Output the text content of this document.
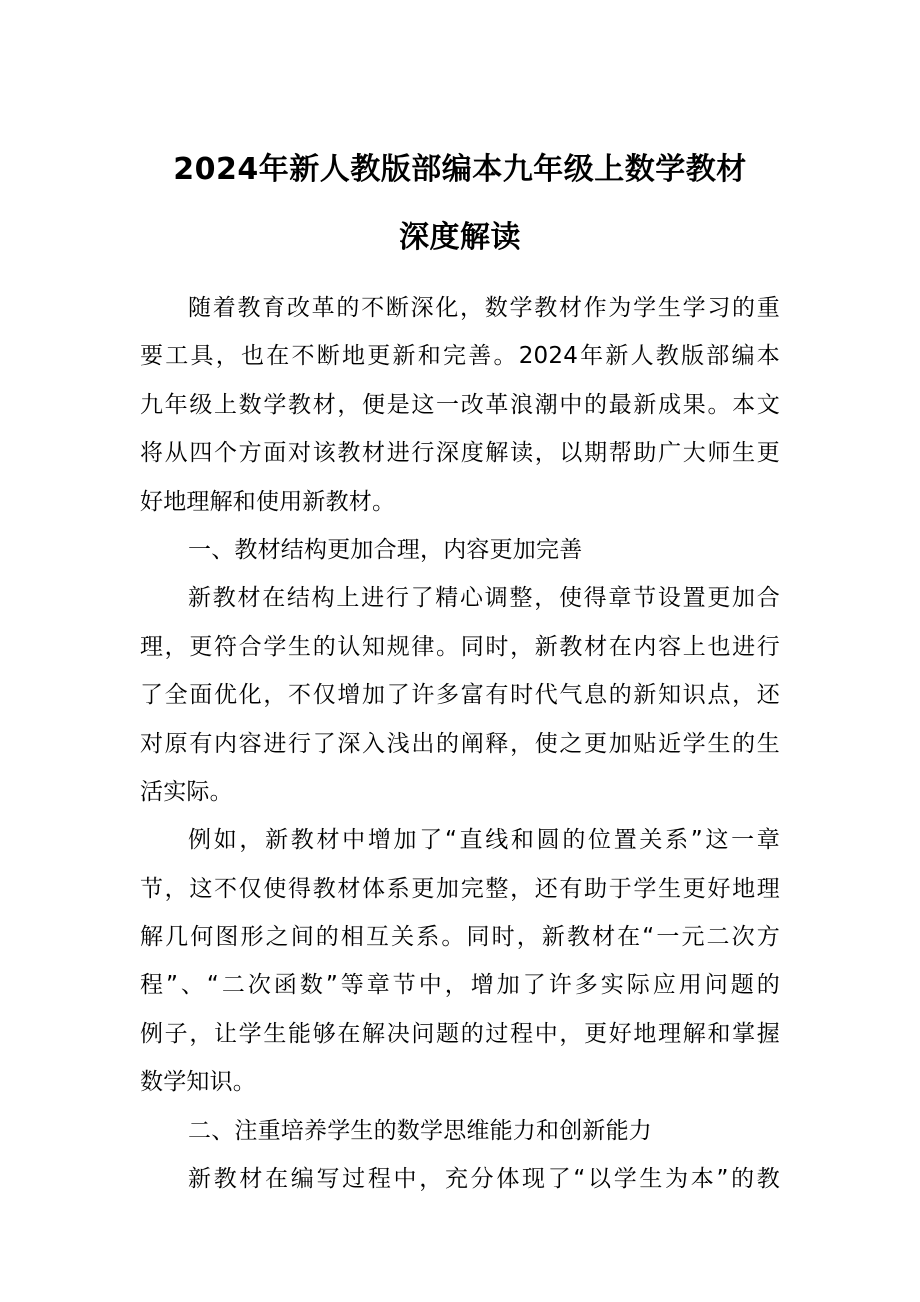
2024年新人教版部编本九年级上数学教材
深度解读
随着教育改革的不断深化，数学教材作为学生学习的重
要工具，也在不断地更新和完善。2024年新人教版部编本
九年级上数学教材，便是这一改革浪潮中的最新成果。本文
将从四个方面对该教材进行深度解读，以期帮助广大师生更
好地理解和使用新教材。
一、教材结构更加合理，内容更加完善
新教材在结构上进行了精心调整，使得章节设置更加合
理，更符合学生的认知规律。同时，新教材在内容上也进行
了全面优化，不仅增加了许多富有时代气息的新知识点，还
对原有内容进行了深入浅出的阐释，使之更加贴近学生的生
活实际。
例如，新教材中增加了“直线和圆的位置关系”这一章
节，这不仅使得教材体系更加完整，还有助于学生更好地理
解几何图形之间的相互关系。同时，新教材在“一元二次方
程”、“二次函数”等章节中，增加了许多实际应用问题的
例子，让学生能够在解决问题的过程中，更好地理解和掌握
数学知识。
二、注重培养学生的数学思维能力和创新能力
新教材在编写过程中，充分体现了“以学生为本”的教
